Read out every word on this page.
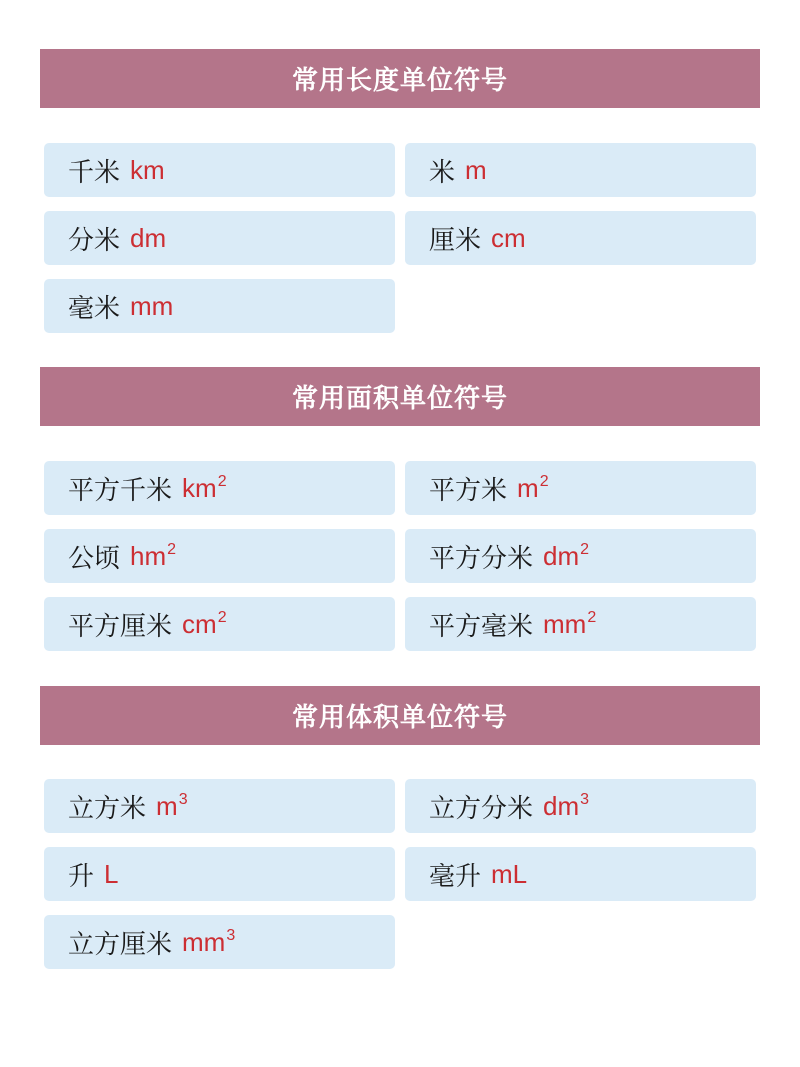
常用长度单位符号
千米 km	米 m
分米 dm	厘米 cm
毫米 mm
常用面积单位符号
平方千米 $km^2$	平方米 $m^2$
公顷 $hm^2$	平方分米 $dm^2$
平方厘米 $cm^2$	平方毫米 $mm^2$
常用体积单位符号
立方米 $m^3$	立方分米 $dm^3$
升 L	毫升 mL
立方厘米 $mm^3$
